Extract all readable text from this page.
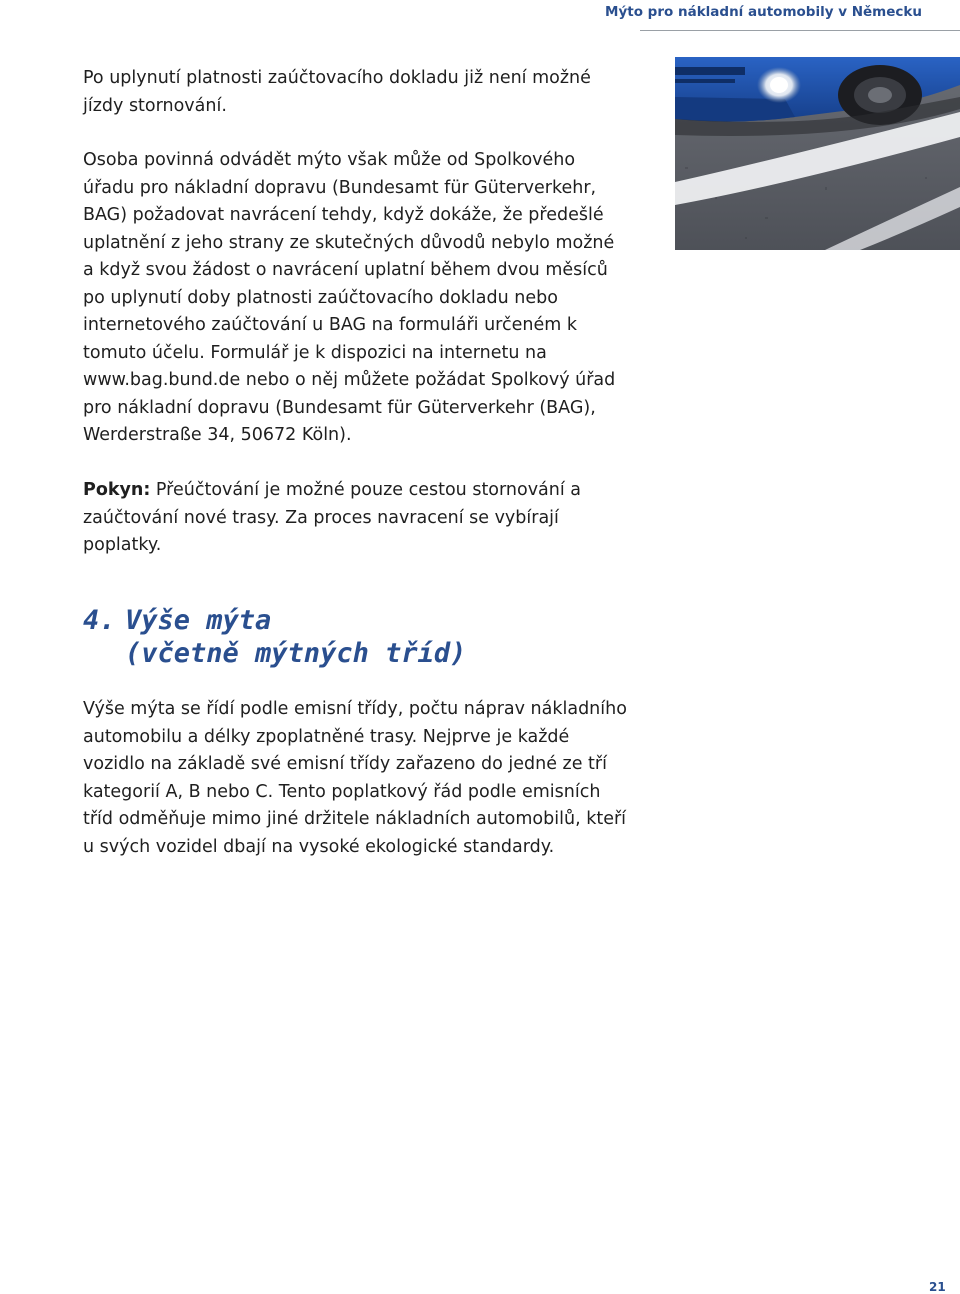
Mýto pro nákladní automobily v Německu

Po uplynutí platnosti zaúčtovacího dokladu již není možné jízdy stornování.

Osoba povinná odvádět mýto však může od Spolkového úřadu pro nákladní dopravu (Bundesamt für Güterverkehr, BAG) požadovat navrácení tehdy, když dokáže, že předešlé uplatnění z jeho strany ze skutečných důvodů nebylo možné a když svou žádost o navrácení uplatní během dvou měsíců po uplynutí doby platnosti zaúčtovacího dokladu nebo internetového zaúčtování u BAG na formuláři určeném k tomuto účelu. Formulář je k dispozici na internetu na www.bag.bund.de nebo o něj můžete požádat Spolkový úřad pro nákladní dopravu (Bundesamt für Güterverkehr (BAG), Werderstraße 34, 50672 Köln).

Pokyn: Přeúčtování je možné pouze cestou stornování a zaúčtování nové trasy. Za proces navracení se vybírají poplatky.

4. Výše mýta
(včetně mýtných tříd)

Výše mýta se řídí podle emisní třídy, počtu náprav nákladního automobilu a délky zpoplatněné trasy. Nejprve je každé vozidlo na základě své emisní třídy zařazeno do jedné ze tří kategorií A, B nebo C. Tento poplatkový řád podle emisních tříd odměňuje mimo jiné držitele nákladních automobilů, kteří u svých vozidel dbají na vysoké ekologické standardy.

21
